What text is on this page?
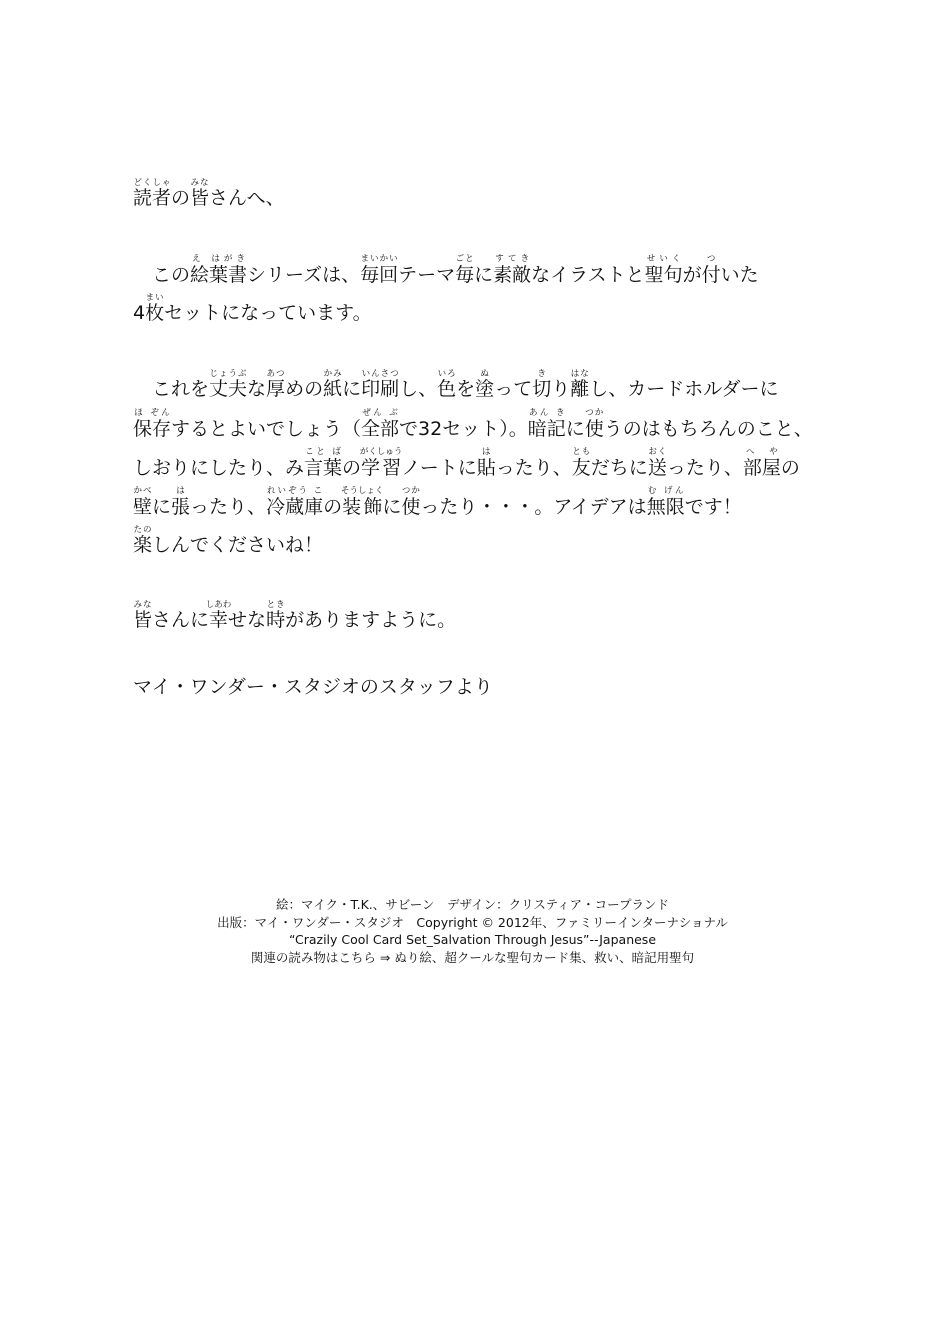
読者どくしゃの皆みなさんへ、
この絵葉書え はがきシリーズは、毎回まいかいテーマ毎ごとに素敵すてきなイラストと聖句せいくが付ついた
4枚まいセットになっています。
これを丈夫じょうぶな厚あつめの紙かみに印刷いんさつし、色いろを塗ぬって切きり離はなし、カードホルダーに
保存ほ ぞんするとよいでしょう（全部ぜん ぶで32セット）。暗記あん きに使つかうのはもちろんのこと、
しおりにしたり、み言葉こと ばの学習がくしゅうノートに貼はったり、友ともだちに送おくったり、部屋へ やの
壁かべに張はったり、冷蔵庫れいぞう この装飾そうしょくに使つかったり・・・。アイデアは無限む げんです！
楽たのしんでくださいね！
皆みなさんに幸しあわせな時ときがありますように。
マイ・ワンダー・スタジオのスタッフより
絵：マイク・T.K.、サビーン　デザイン：クリスティア・コープランド
出版：マイ・ワンダー・スタジオ　Copyright © 2012年、ファミリーインターナショナル
“Crazily Cool Card Set_Salvation Through Jesus”--Japanese
関連の読み物はこちら ⇒ ぬり絵、超クールな聖句カード集、救い、暗記用聖句
